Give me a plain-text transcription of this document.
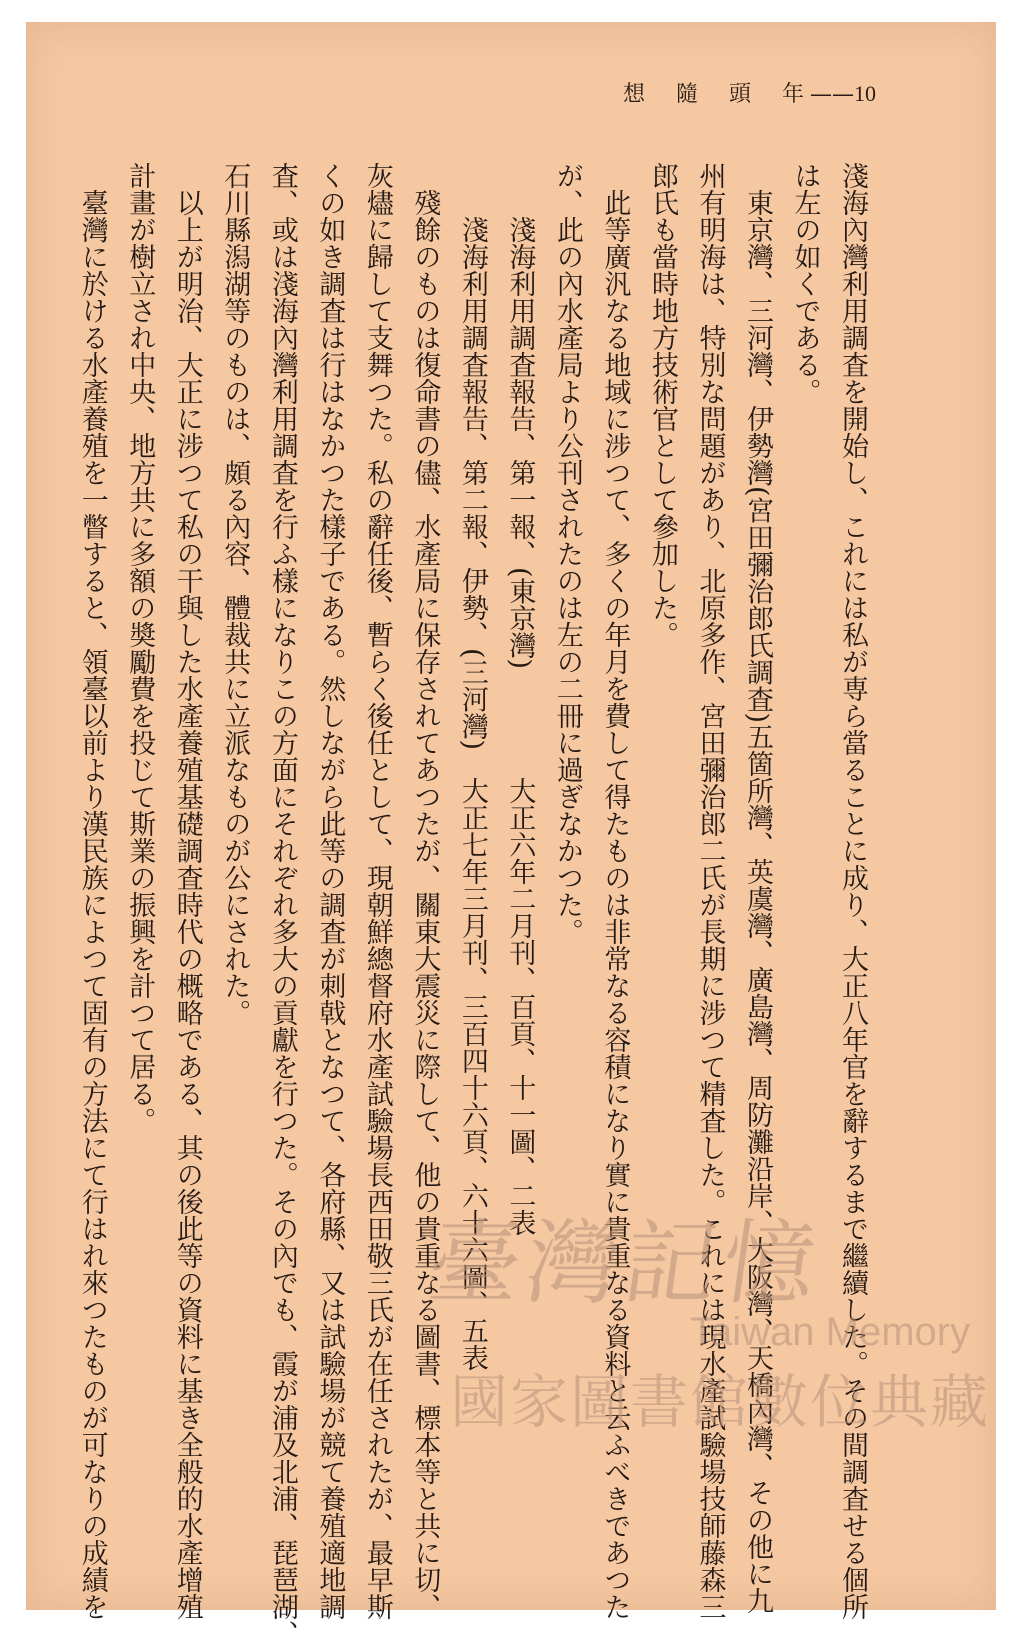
想 隨 頭 年——10
淺海內灣利用調査を開始し、これには私が専ら當ることに成り、大正八年官を辭するまで繼續した。その間調査せる個所
は左の如くである。
東京灣、三河灣、伊勢灣(宮田彌治郎氏調査)五箇所灣、英虞灣、廣島灣、周防灘沿岸、大阪灣、天橋內灣、その他に九
州有明海は、特別な問題があり、北原多作、宮田彌治郎二氏が長期に涉つて精査した。これには現水產試驗場技師藤森三
郎氏も當時地方技術官として參加した。
此等廣汎なる地域に涉つて、多くの年月を費して得たものは非常なる容積になり實に貴重なる資料と云ふべきであつた
が、此の內水產局より公刊されたのは左の二冊に過ぎなかつた。
淺海利用調査報告、第一報、(東京灣)　　　　大正六年二月刊、百頁、十一圖、二表
淺海利用調査報告、第二報、伊勢、(三河灣)　大正七年三月刊、三百四十六頁、六十六圖、五表
殘餘のものは復命書の儘、水產局に保存されてあつたが、關東大震災に際して、他の貴重なる圖書、標本等と共に切、
灰燼に歸して支舞つた。私の辭任後、暫らく後任として、現朝鮮總督府水產試驗場長西田敬三氏が在任されたが、最早斯
くの如き調査は行はなかつた樣子である。然しながら此等の調査が刺戟となつて、各府縣、又は試驗場が競て養殖適地調
査、或は淺海內灣利用調査を行ふ樣になりこの方面にそれぞれ多大の貢獻を行つた。その內でも、霞が浦及北浦、琵琶湖、
石川縣潟湖等のものは、頗る內容、體裁共に立派なものが公にされた。
以上が明治、大正に涉つて私の干與した水產養殖基礎調査時代の概略である、其の後此等の資料に基き全般的水產增殖
計畫が樹立され中央、地方共に多額の奬勵費を投じて斯業の振興を計つて居る。
臺灣に於ける水產養殖を一瞥すると、領臺以前より漢民族によつて固有の方法にて行はれ來つたものが可なりの成績を	臺灣記憶
Taiwan Memory
國家圖書館數位典藏
